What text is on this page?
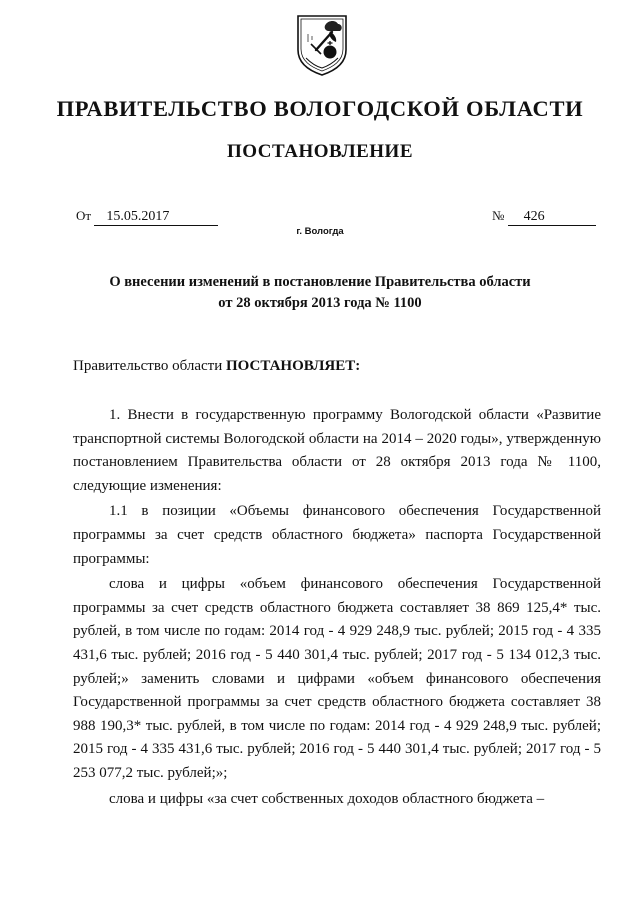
ПРАВИТЕЛЬСТВО ВОЛОГОДСКОЙ ОБЛАСТИ
ПОСТАНОВЛЕНИЕ
От 15.05.2017	№ 426
г. Вологда
О внесении изменений в постановление Правительства области
от 28 октября 2013 года № 1100
Правительство области ПОСТАНОВЛЯЕТ:

1. Внести в государственную программу Вологодской области «Развитие транспортной системы Вологодской области на 2014 – 2020 годы», утвержденную постановлением Правительства области от 28 октября 2013 года № 1100, следующие изменения:

1.1 в позиции «Объемы финансового обеспечения Государственной программы за счет средств областного бюджета» паспорта Государственной программы:

слова и цифры «объем финансового обеспечения Государственной программы за счет средств областного бюджета составляет 38 869 125,4* тыс. рублей, в том числе по годам: 2014 год - 4 929 248,9 тыс. рублей; 2015 год - 4 335 431,6 тыс. рублей; 2016 год - 5 440 301,4 тыс. рублей; 2017 год - 5 134 012,3 тыс. рублей;» заменить словами и цифрами «объем финансового обеспечения Государственной программы за счет средств областного бюджета составляет 38 988 190,3* тыс. рублей, в том числе по годам: 2014 год - 4 929 248,9 тыс. рублей; 2015 год - 4 335 431,6 тыс. рублей; 2016 год - 5 440 301,4 тыс. рублей; 2017 год - 5 253 077,2 тыс. рублей;»;

слова и цифры «за счет собственных доходов областного бюджета –
